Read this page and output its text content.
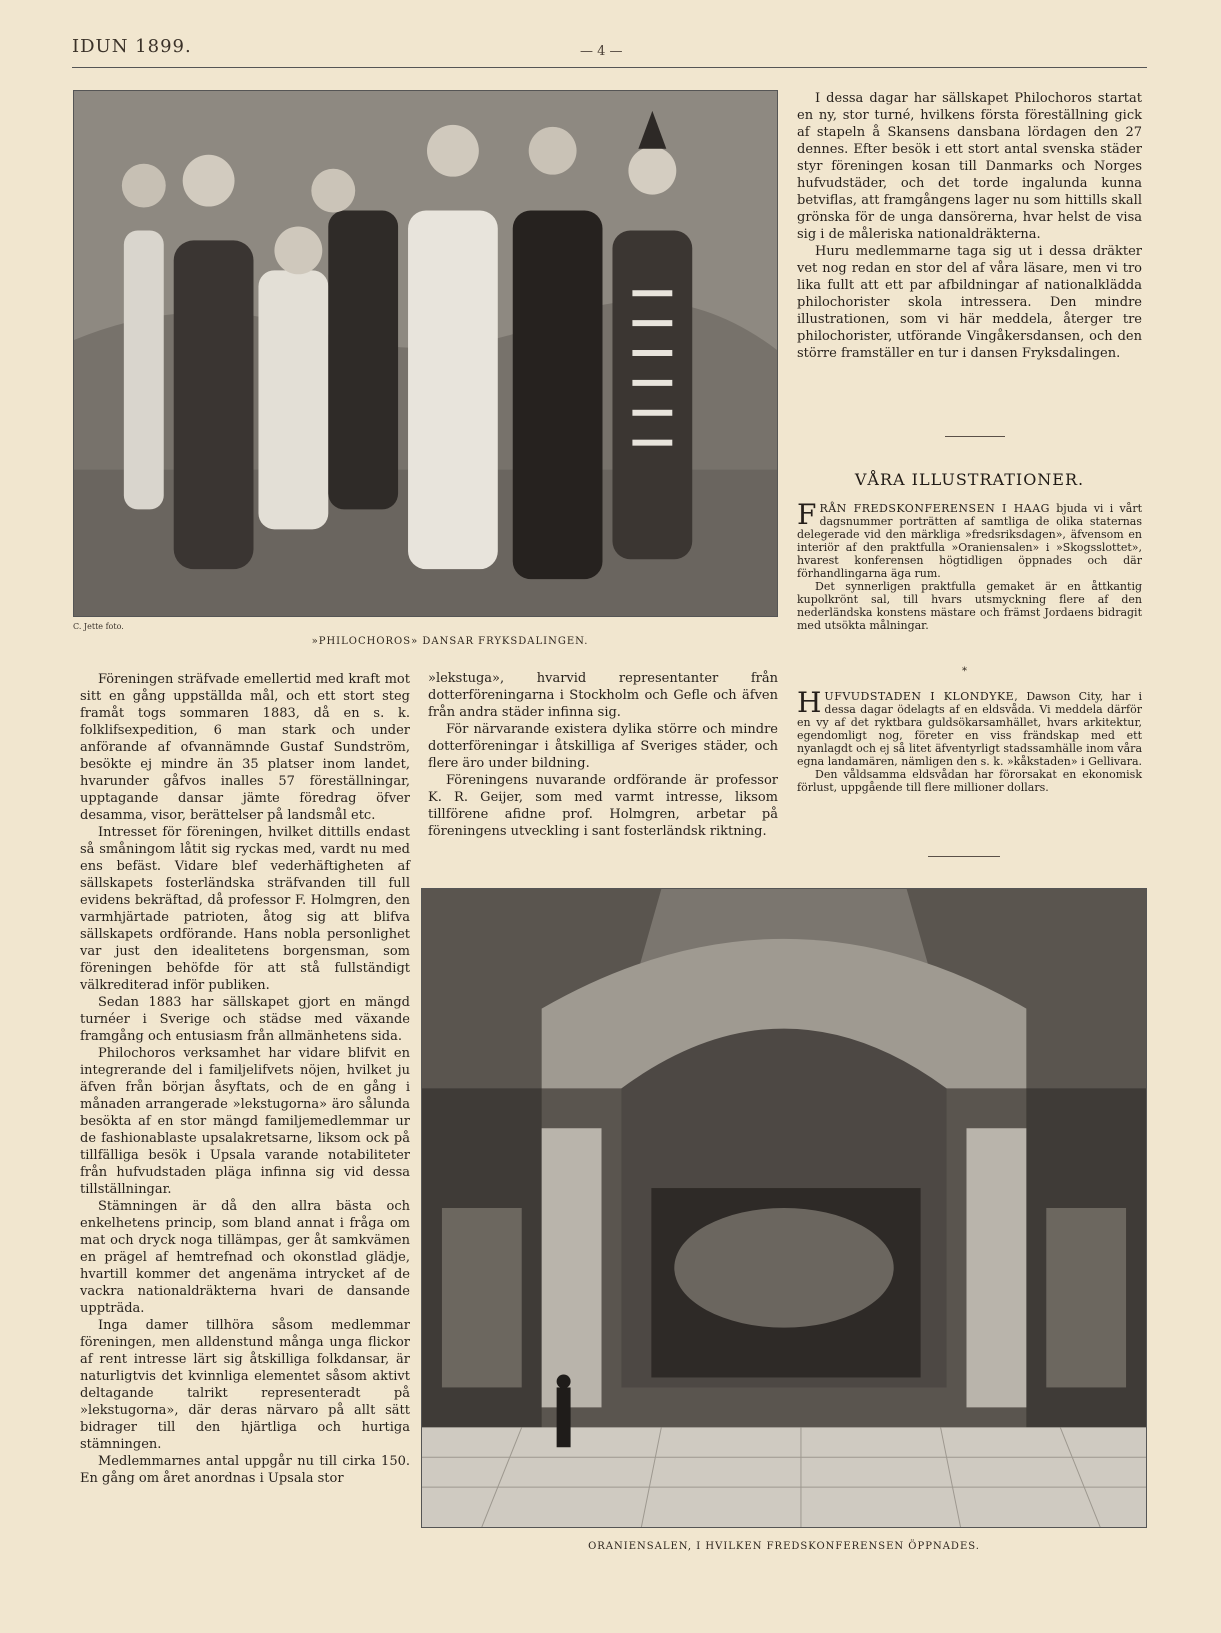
IDUN 1899.	— 4 —
C. Jette foto.
»PHILOCHOROS» DANSAR FRYKSDALINGEN.

I dessa dagar har sällskapet Philochoros startat en ny, stor turné, hvilkens första föreställning gick af stapeln å Skansens dansbana lördagen den 27 dennes. Efter besök i ett stort antal svenska städer styr föreningen kosan till Danmarks och Norges hufvudstäder, och det torde ingalunda kunna betviflas, att framgångens lager nu som hittills skall grönska för de unga dansörerna, hvar helst de visa sig i de måleriska nationaldräkterna.

Huru medlemmarne taga sig ut i dessa dräkter vet nog redan en stor del af våra läsare, men vi tro lika fullt att ett par afbildningar af nationalklädda philochorister skola intressera. Den mindre illustrationen, som vi här meddela, återger tre philochorister, utförande Vingåkersdansen, och den större framställer en tur i dansen Fryksdalingen.

VÅRA ILLUSTRATIONER.

F RÅN FREDSKONFERENSEN I HAAG bjuda vi i vårt dagsnummer porträtten af samtliga de olika staternas delegerade vid den märkliga »fredsriksdagen», äfvensom en interiör af den praktfulla »Oraniensalen» i »Skogsslottet», hvarest konferensen högtidligen öppnades och där förhandlingarna äga rum.

Det synnerligen praktfulla gemaket är en åttkantig kupolkrönt sal, till hvars utsmyckning flere af den nederländska konstens mästare och främst Jordaens bidragit med utsökta målningar.

*

H UFVUDSTADEN I KLONDYKE, Dawson City, har i dessa dagar ödelagts af en eldsvåda. Vi meddela därför en vy af det ryktbara guldsökarsamhället, hvars arkitektur, egendomligt nog, företer en viss frändskap med ett nyanlagdt och ej så litet äfventyrligt stadssamhälle inom våra egna landamären, nämligen den s. k. »kåkstaden» i Gellivara.

Den våldsamma eldsvådan har förorsakat en ekonomisk förlust, uppgående till flere millioner dollars.

Föreningen sträfvade emellertid med kraft mot sitt en gång uppställda mål, och ett stort steg framåt togs sommaren 1883, då en s. k. folklifsexpedition, 6 man stark och under anförande af ofvannämnde Gustaf Sundström, besökte ej mindre än 35 platser inom landet, hvarunder gåfvos inalles 57 föreställningar, upptagande dansar jämte föredrag öfver desamma, visor, berättelser på landsmål etc.

Intresset för föreningen, hvilket dittills endast så småningom låtit sig ryckas med, vardt nu med ens befäst. Vidare blef vederhäftigheten af sällskapets fosterländska sträfvanden till full evidens bekräftad, då professor F. Holmgren, den varmhjärtade patrioten, åtog sig att blifva sällskapets ordförande. Hans nobla personlighet var just den idealitetens borgensman, som föreningen behöfde för att stå fullständigt välkrediterad inför publiken.

Sedan 1883 har sällskapet gjort en mängd turnéer i Sverige och städse med växande framgång och entusiasm från allmänhetens sida.

Philochoros verksamhet har vidare blifvit en integrerande del i familjelifvets nöjen, hvilket ju äfven från början åsyftats, och de en gång i månaden arrangerade »lekstugorna» äro sålunda besökta af en stor mängd familjemedlemmar ur de fashionablaste upsalakretsarne, liksom ock på tillfälliga besök i Upsala varande notabiliteter från hufvudstaden pläga infinna sig vid dessa tillställningar.

Stämningen är då den allra bästa och enkelhetens princip, som bland annat i fråga om mat och dryck noga tillämpas, ger åt samkvämen en prägel af hemtrefnad och okonstlad glädje, hvartill kommer det angenäma intrycket af de vackra nationaldräkterna hvari de dansande uppträda.

Inga damer tillhöra såsom medlemmar föreningen, men alldenstund många unga flickor af rent intresse lärt sig åtskilliga folkdansar, är naturligtvis det kvinnliga elementet såsom aktivt deltagande talrikt representeradt på »lekstugorna», där deras närvaro på allt sätt bidrager till den hjärtliga och hurtiga stämningen.

Medlemmarnes antal uppgår nu till cirka 150. En gång om året anordnas i Upsala stor

»lekstuga», hvarvid representanter från dotterföreningarna i Stockholm och Gefle och äfven från andra städer infinna sig.

För närvarande existera dylika större och mindre dotterföreningar i åtskilliga af Sveriges städer, och flere äro under bildning.

Föreningens nuvarande ordförande är professor K. R. Geijer, som med varmt intresse, liksom tillförene afidne prof. Holmgren, arbetar på föreningens utveckling i sant fosterländsk riktning.

ORANIENSALEN, I HVILKEN FREDSKONFERENSEN ÖPPNADES.
